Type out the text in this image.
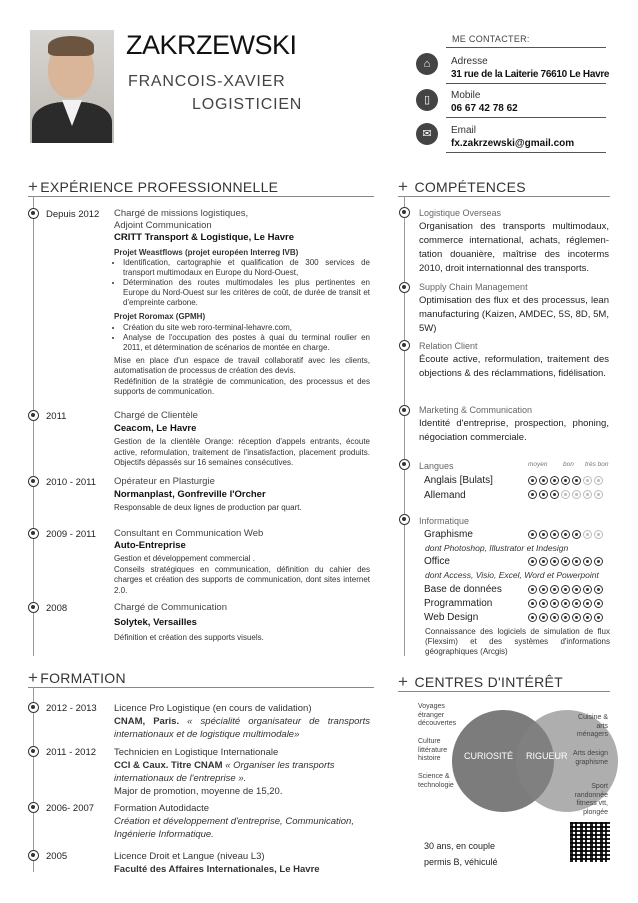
ZAKRZEWSKI
FRANCOIS-XAVIER
LOGISTICIEN
ME CONTACTER:
⌂	Adresse
31 rue de la Laiterie 76610 Le Havre
▯	Mobile
06 67 42 78 62
✉	Email
fx.zakrzewski@gmail.com
+ EXPÉRIENCE PROFESSIONNELLE
Depuis 2012 Chargé de missions logistiques,
Adjoint Communication
CRITT Transport & Logistique, Le Havre
Projet Weastflows (projet européen Interreg IVB)
• Identification, cartographie et qualification de 300 services de transport multimodaux en Europe du Nord-Ouest,
• Détermination des routes multimodales les plus pertinentes en Europe du Nord-Ouest sur les critères de coût, de durée de transit et d'empreinte carbone.
Projet Roromax (GPMH)
• Création du site web roro-terminal-lehavre.com,
• Analyse de l'occupation des postes à quai du terminal roulier en 2011, et détermination de scénarios de montée en charge.
Mise en place d'un espace de travail collaboratif avec les clients, automatisation de processus de création des devis.
Redéfinition de la stratégie de communication, des processus et des supports de communication.
2011	Chargé de Clientèle
Ceacom, Le Havre
Gestion de la clientèle Orange: réception d'appels entrants, écoute active, reformulation, traitement de l'insatisfaction, placement produits. Objectifs dépassés sur 16 semaines consécutives.
2010 - 2011 Opérateur en Plasturgie
Normanplast, Gonfreville l'Orcher
Responsable de deux lignes de production par quart.
2009 - 2011 Consultant en Communication Web
Auto-Entreprise
Gestion et développement commercial .
Conseils stratégiques en communication, définition du cahier des charges et création des supports de communication, dont sites internet 2.0.
2008	Chargé de Communication
Solytek, Versailles
Définition et création des supports visuels.
+ COMPÉTENCES
Logistique Overseas
Organisation des transports multimodaux, commerce international, achats, réglemen-tation douanière, maîtrise des incoterms 2010, droit internationnal des transports.
Supply Chain Management
Optimisation des flux et des processus, lean manufacturing (Kaizen, AMDEC, 5S, 8D, 5M, 5W)
Relation Client
Écoute active, reformulation, traitement des objections & des réclammations, fidélisation.
Marketing & Communication
Identité d'entreprise, prospection, phoning, négociation commerciale.
Langues	moyen bon très bon
Anglais [Bulats]
Allemand
Informatique
Graphisme
dont Photoshop, Illustrator et Indesign
Office
dont Access, Visio, Excel, Word et Powerpoint
Base de données
Programmation
Web Design
Connaissance des logiciels de simulation de flux (Flexsim) et des systèmes d'informations géographiques (Arcgis)
+ FORMATION
2012 - 2013 Licence Pro Logistique (en cours de validation)
CNAM, Paris. « spécialité organisateur de transports internationaux et de logistique multimodale»
2011 - 2012 Technicien en Logistique Internationale
CCI & Caux. Titre CNAM « Organiser les transports internationaux de l'entreprise ».
Major de promotion, moyenne de 15,20.
2006- 2007 Formation Autodidacte
Création et développement d'entreprise, Communication, Ingénierie Informatique.
2005	Licence Droit et Langue (niveau L3)
Faculté des Affaires Internationales, Le Havre
+ CENTRES D'INTÉRÊT
CURIOSITÉ RIGUEUR
Voyages étranger découvertes
Culture littérature histoire
Science & technologie
Cuisine & arts ménagers
Arts design graphisme
Sport randonnée fitness vtt, plongée
30 ans, en couple
permis B, véhiculé
